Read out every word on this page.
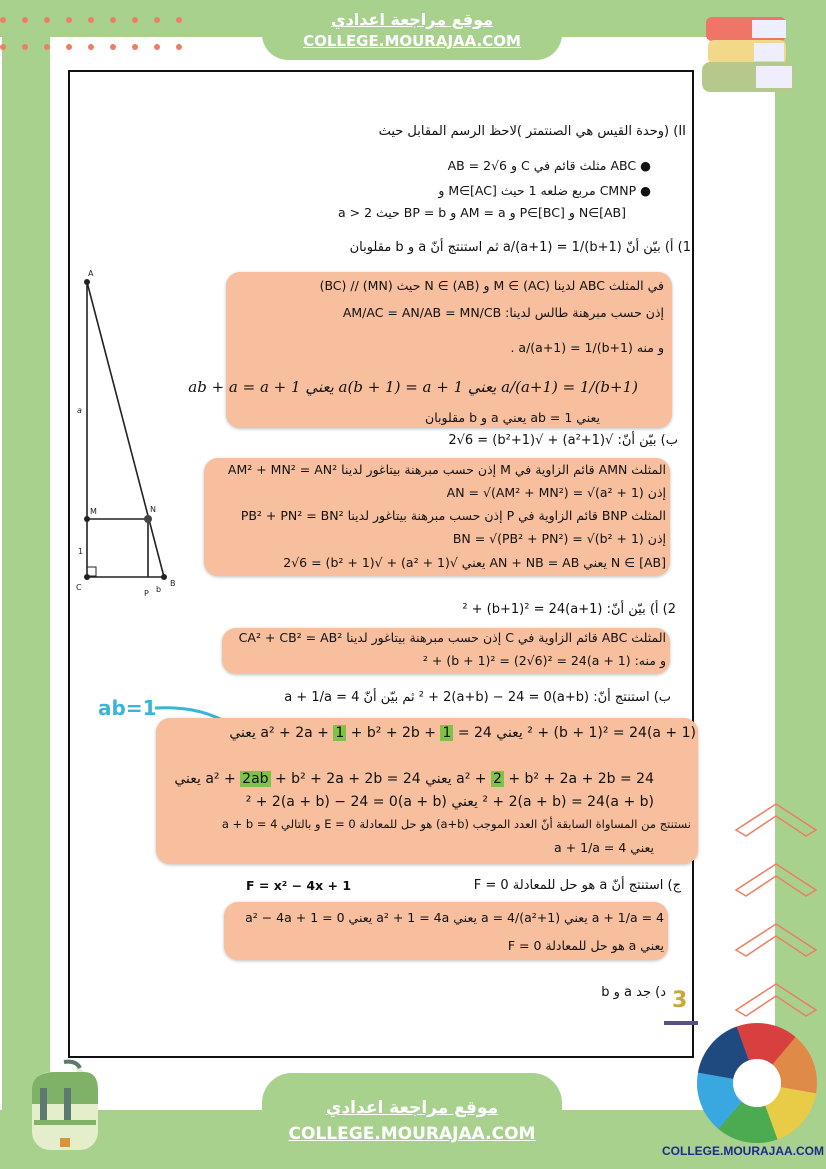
موقع مراجعة اعدادي
COLLEGE.MOURAJAA.COM
II) (وحدة القيس هي الصنتمتر )لاحظ الرسم المقابل حيث
● ABC مثلث قائم في C و AB = 2√6
● CMNP مربع ضلعه 1 حيث M∈[AC] و
N∈[AB] و P∈[BC] و AM = a و BP = b حيث a > 2
1) أ) بيّن أنّ a/(a+1) = 1/(b+1) ثم استنتج أنّ a و b مقلوبان
A
M	N
C
P
B
a
1
b
في المثلث ABC لدينا M ∈ (AC) و N ∈ (AB) حيث (MN) // (BC)
إذن حسب مبرهنة طالس لدينا: AM/AC = AN/AB = MN/CB
و منه a/(a+1) = 1/(b+1) .
a/(a+1) = 1/(b+1) يعني a(b + 1) = a + 1 يعني ab + a = a + 1
يعني ab = 1 يعني a و b مقلوبان
ب) بيّن أنّ: √(a²+1) + √(b²+1) = 2√6
المثلث AMN قائم الزاوية في M إذن حسب مبرهنة بيتاغور لدينا AM² + MN² = AN²
إذن AN = √(AM² + MN²) = √(a² + 1)
المثلث BNP قائم الزاوية في P إذن حسب مبرهنة بيتاغور لدينا PB² + PN² = BN²
إذن BN = √(PB² + PN²) = √(b² + 1)
N ∈ [AB] يعني AN + NB = AB يعني √(a² + 1) + √(b² + 1) = 2√6
2) أ) بيّن أنّ: (a+1)² + (b+1)² = 24
المثلث ABC قائم الزاوية في C إذن حسب مبرهنة بيتاغور لدينا CA² + CB² = AB²
و منه: (a + 1)² + (b + 1)² = (2√6)² = 24
ب) استنتج أنّ: (a+b)² + 2(a+b) − 24 = 0 ثم بيّن أنّ a + 1/a = 4
ab=1
(a + 1)² + (b + 1)² = 24 يعني a² + 2a + 1 + b² + 2b + 1 = 24 يعني
a² + 2 + b² + 2a + 2b = 24 يعني a² + 2ab + b² + 2a + 2b = 24 يعني
(a + b)² + 2(a + b) = 24 يعني (a + b)² + 2(a + b) − 24 = 0
نستنتج من المساواة السابقة أنّ العدد الموجب (a+b) هو حل للمعادلة E = 0 و بالتالي a + b = 4
يعني a + 1/a = 4
F = x² − 4x + 1	ج) استنتج أنّ a هو حل للمعادلة F = 0
a + 1/a = 4 يعني (a²+1)/a = 4 يعني a² + 1 = 4a يعني a² − 4a + 1 = 0
يعني a هو حل للمعادلة F = 0
د) جد a و b 3
COLLEGE.MOURAJAA.COM
موقع مراجعة اعدادي
COLLEGE.MOURAJAA.COM
